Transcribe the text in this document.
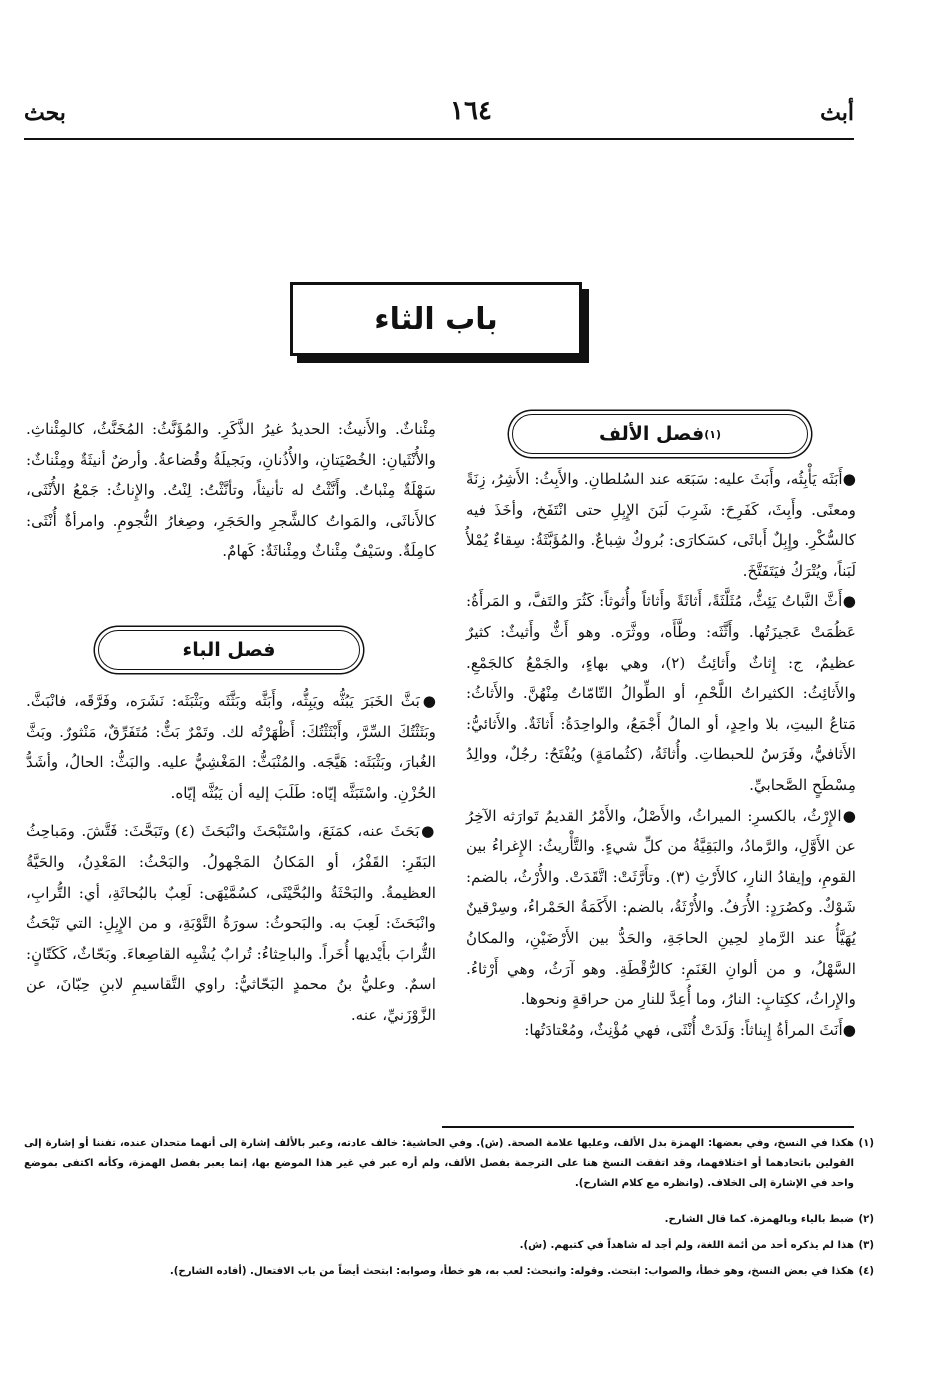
أبث
١٦٤
بحث
باب الثاء
فصل الألف (١)
فصل الباء

●أَبَثَه يَأْبِثُه، وأَبَثَ عليه: سَبَعَه عند السُلطانِ. والأَبِثُ: الأَشِرُ، زِنَةً ومعنًى. وأَبِثَ، كَفَرِحَ: شَرِبَ لَبَنَ الإِبِلِ حتى انْتَفَخ، وأخَذَ فيه كالسُّكْرِ. وإِبِلٌ أَباثَى، كسَكارَى: بُروكٌ شِباعٌ. والمُؤَبَّثَةُ: سِقاءٌ يُمْلأُ لَبَناً، ويُتْرَكُ فيَتَفَتَّخَ.

●أَثَّ النَّباتُ يَئِثُّ، مُثَلَّثَةً، أَثاثَةً وأَثاثاً وأُثوثاً: كَثُرَ والتَفَّ، و المَرأَةُ: عَظُمَتْ عَجيزَتُها. وأَثَّثَه: وطَّأَه، ووثَّرَه. وهو أَثٌّ وأَثيثٌ: كثيرٌ عظيمٌ، ج: إِثاثٌ وأَثائِثُ (٢)، وهي بهاءٍ، والجَمْعُ كالجَمْعِ. والأَثائِثُ: الكثيراتُ اللَّحْمِ، أو الطِّوالُ التّامّاتُ مِنْهُنَّ. والأَثاثُ: مَتاعُ البيتِ، بلا واحِدٍ، أو المالُ أَجْمَعُ، والواحِدَةُ: أَثاثَةٌ. والأَثائيُّ: الأَثافيُّ، وفَرَسٌ للحبطاتِ. وأُثاثَةُ، (كثُمامَةٍ) ويُفْتَحُ: رجُلٌ، ووالِدُ مِسْطَحٍ الصَّحابيِّ.

●الإِرْثُ، بالكسرِ: الميراثُ، والأَصْلُ، والأَمْرُ القديمُ تَوارَثه الآخِرُ عن الأَوَّلِ، والرَّمادُ، والبَقِيَّةُ من كلِّ شيءٍ. والتَّأْريثُ: الإِغراءُ بين القومِ، وإيقادُ النارِ، كالأَرْثِ (٣). وتأَرَّثَتْ: اتَّقَدَتْ. والأُرْثُ، بالضم: شَوْكٌ. وكصُرَدٍ: الأُرَفُ. والأُرْثَةُ، بالضم: الأَكَمَةُ الحَمْراءُ، وسِرْقينٌ يُهَيَّأُ عند الرَّمادِ لحِينِ الحاجَةِ، والحَدُّ بين الأَرْضَيْنِ، والمكانُ السَّهْلُ، و من ألوانِ الغَنَمِ: كالرُّقْطَةِ. وهو آرَثُ، وهي أَرْثاءُ. والإِراثُ، ككِتابٍ: النارُ، وما أُعِدَّ للنارِ من حراقةٍ ونحوها.

●أَنَثَ المرأةُ إِيناثاً: وَلَدَتْ أُنْثَى، فهي مُؤْنِثٌ، ومُعْتادَتُها:

مِئْناثٌ. والأَنيثُ: الحديدُ غيرُ الذَّكَرِ. والمُؤَنَّثُ: المُخَنَّثُ، كالمِئْناثِ. والأُنْثَيانِ: الخُصْيَتانِ، والأُذُنانِ، وبَجيلَةُ وقُضاعةُ. وأرضٌ أنيثَةٌ ومِئْناثٌ: سَهْلَةٌ مِنْباتٌ. وأَنَّثْتُ له تأنيثاً، وتأنَّثْتُ: لِنْتُ. والإِناثُ: جَمْعُ الأُنْثَى، كالأَناثَى، والمَواتُ كالشَّجرِ والحَجَرِ، وصِغارُ النُّجومِ. وامرأةٌ أُنْثَى: كامِلَةٌ. وسَيْفٌ مِئْناثٌ ومِئْناثَةٌ: كَهامٌ.

●بَثَّ الخَبَرَ يَبُثُّه ويَبِثُّه، وأَبَثَّه وبَثَّثَه وبَثْبَثَه: نَشَرَه، وفَرَّقَه، فانْبَثَّ. وبَثَثْتُكَ السِّرَّ، وأَبْثَثْتُكَ: أَظْهَرْتُه لك. وتَمْرٌ بَثٌّ: مُتَفَرِّقٌ، مَنْثورٌ. وبَثَّ الغُبارَ، وبَثْبَثَه: هَيَّجَه. والمُنْبَثُّ: المَغْشِيُّ عليه. والبَثُّ: الحالُ، وأشَدُّ الحُزْنِ. واسْتَبَثَّه إيّاه: طَلَبَ إليه أن يَبُثَّه إيّاه.

●بَحَثَ عنه، كمَنَعَ، واسْتَبْحَثَ وانْبَحَثَ (٤) وتَبَحَّثَ: فَتَّشَ. ومَباحِثُ البَقَرِ: القَفْرُ، أو المَكانُ المَجْهولُ. والبَحْثُ: المَعْدِنُ، والحَيَّةُ العظيمةُ. والبَحْثَةُ والبُحَّيْثَى، كسُمَّيْهَى: لَعِبٌ بالبُحاثَةِ، أي: التُّرابِ، وانْبَحَثَ: لَعِبَ به. والبَحوثُ: سورَةُ التَّوْبَةِ، و من الإِبِلِ: التي تَبْحَثُ التُّرابَ بأَيْديها أُخَراً. والباحِثاءُ: تُرابٌ يُشْبِه القاصِعاءَ. وبَحّاثٌ، كَكَتّانٍ: اسمٌ. وعليُّ بنُ محمدٍ البَحّاثيُّ: راوي التَّقاسيمِ لابنِ حِبّانَ، عن الزَّوْزَنيِّ، عنه.

(١)
هكذا في النسخ، وفي بعضها: الهمزة بدل الألف، وعليها علامة الصحة. (ش). وفي الحاشية: خالف عادته، وعبر بالألف إشارة إلى أنهما متحدان عنده، تفننا أو إشارة إلى القولين باتحادهما أو اختلافهما، وقد اتفقت النسخ هنا على الترجمة بفصل الألف، ولم أره عبر في غير هذا الموضع بها، إنما يعبر بفصل الهمزة، وكأنه اكتفى بموضع واحد في الإشارة إلى الخلاف. (وانظره مع كلام الشارح).
(٢)
ضبط بالياء وبالهمزة. كما قال الشارح.
(٣)
هذا لم يذكره أحد من أئمة اللغة، ولم أجد له شاهداً في كتبهم. (ش).
(٤)
هكذا في بعض النسخ، وهو خطأ، والصواب: ابتحث. وقوله: وانبحث: لعب به، هو خطأ، وصوابه: ابتحث أيضاً من باب الافتعال. (أفاده الشارح).
